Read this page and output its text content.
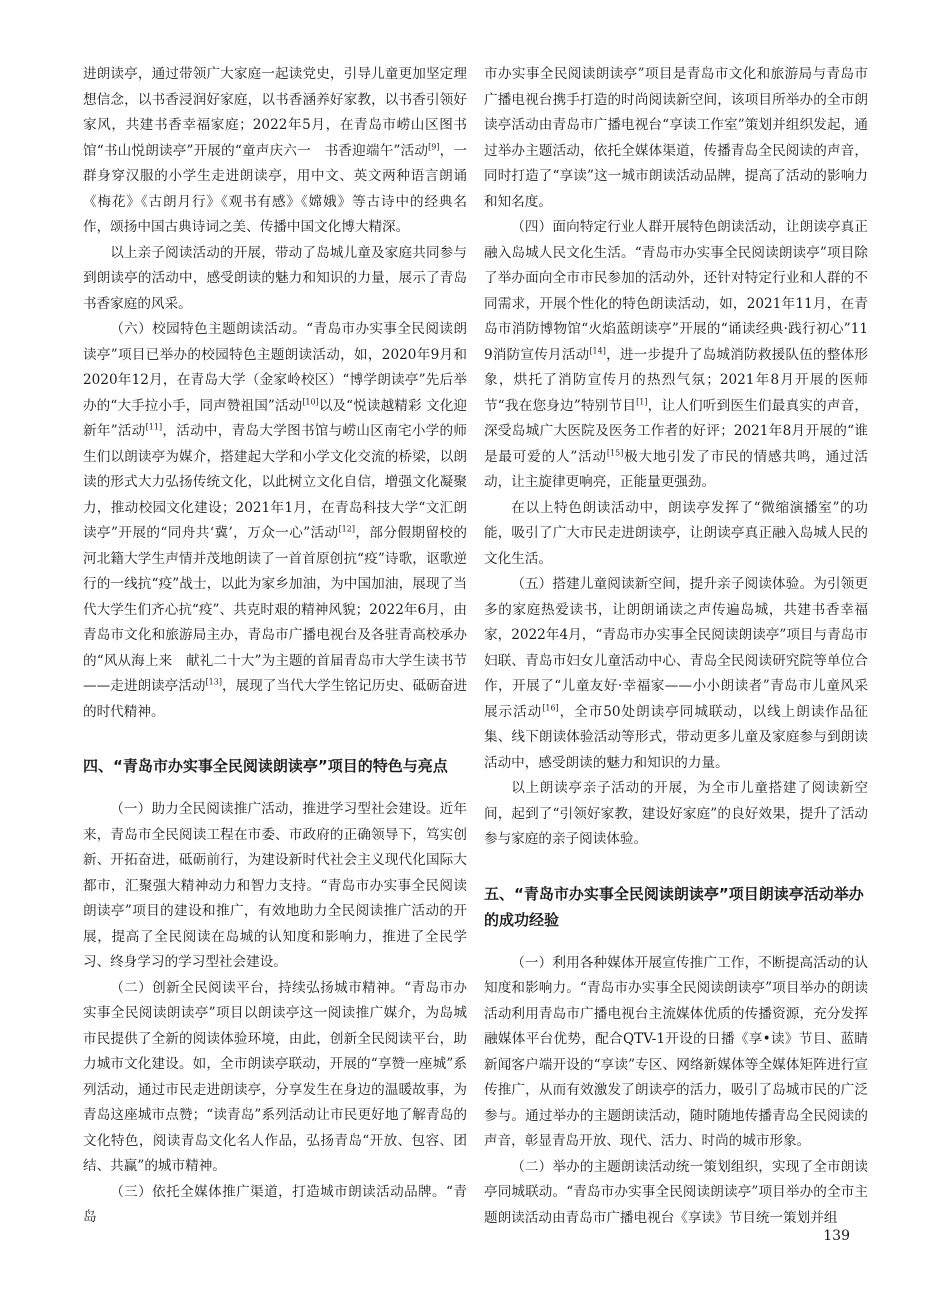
进朗读亭，通过带领广大家庭一起读党史，引导儿童更加坚定理想信念，以书香浸润好家庭，以书香涵养好家教，以书香引领好家风，共建书香幸福家庭；2022年5月，在青岛市崂山区图书馆“书山悦朗读亭”开展的“童声庆六一　书香迎端午”活动[9]，一群身穿汉服的小学生走进朗读亭，用中文、英文两种语言朗诵《梅花》《古朗月行》《观书有感》《嫦娥》等古诗中的经典名作，颂扬中国古典诗词之美、传播中国文化博大精深。

以上亲子阅读活动的开展，带动了岛城儿童及家庭共同参与到朗读亭的活动中，感受朗读的魅力和知识的力量，展示了青岛书香家庭的风采。

（六）校园特色主题朗读活动。“青岛市办实事全民阅读朗读亭”项目已举办的校园特色主题朗读活动，如，2020年9月和2020年12月，在青岛大学（金家岭校区）“博学朗读亭”先后举办的“大手拉小手，同声赞祖国”活动[10]以及“悦读越精彩 文化迎新年”活动[11]，活动中，青岛大学图书馆与崂山区南宅小学的师生们以朗读亭为媒介，搭建起大学和小学文化交流的桥梁，以朗读的形式大力弘扬传统文化，以此树立文化自信，增强文化凝聚力，推动校园文化建设；2021年1月，在青岛科技大学“文汇朗读亭”开展的“同舟共‘冀’，万众一心”活动[12]，部分假期留校的河北籍大学生声情并茂地朗读了一首首原创抗“疫”诗歌，讴歌逆行的一线抗“疫”战士，以此为家乡加油，为中国加油，展现了当代大学生们齐心抗“疫”、共克时艰的精神风貌；2022年6月，由青岛市文化和旅游局主办，青岛市广播电视台及各驻青高校承办的“风从海上来　献礼二十大”为主题的首届青岛市大学生读书节——走进朗读亭活动[13]，展现了当代大学生铭记历史、砥砺奋进的时代精神。

四、“青岛市办实事全民阅读朗读亭”项目的特色与亮点

（一）助力全民阅读推广活动，推进学习型社会建设。近年来，青岛市全民阅读工程在市委、市政府的正确领导下，笃实创新、开拓奋进，砥砺前行，为建设新时代社会主义现代化国际大都市，汇聚强大精神动力和智力支持。“青岛市办实事全民阅读朗读亭”项目的建设和推广，有效地助力全民阅读推广活动的开展，提高了全民阅读在岛城的认知度和影响力，推进了全民学习、终身学习的学习型社会建设。

（二）创新全民阅读平台，持续弘扬城市精神。“青岛市办实事全民阅读朗读亭”项目以朗读亭这一阅读推广媒介，为岛城市民提供了全新的阅读体验环境，由此，创新全民阅读平台，助力城市文化建设。如，全市朗读亭联动，开展的“享赞一座城”系列活动，通过市民走进朗读亭，分享发生在身边的温暖故事，为青岛这座城市点赞；“读青岛”系列活动让市民更好地了解青岛的文化特色，阅读青岛文化名人作品，弘扬青岛“开放、包容、团结、共赢”的城市精神。

（三）依托全媒体推广渠道，打造城市朗读活动品牌。“青岛

市办实事全民阅读朗读亭”项目是青岛市文化和旅游局与青岛市广播电视台携手打造的时尚阅读新空间，该项目所举办的全市朗读亭活动由青岛市广播电视台“享读工作室”策划并组织发起，通过举办主题活动，依托全媒体渠道，传播青岛全民阅读的声音，同时打造了“享读”这一城市朗读活动品牌，提高了活动的影响力和知名度。

（四）面向特定行业人群开展特色朗读活动，让朗读亭真正融入岛城人民文化生活。“青岛市办实事全民阅读朗读亭”项目除了举办面向全市市民参加的活动外，还针对特定行业和人群的不同需求，开展个性化的特色朗读活动，如，2021年11月，在青岛市消防博物馆“火焰蓝朗读亭”开展的“诵读经典·践行初心”119消防宣传月活动[14]，进一步提升了岛城消防救援队伍的整体形象，烘托了消防宣传月的热烈气氛；2021年8月开展的医师节“我在您身边”特别节目[1]，让人们听到医生们最真实的声音，深受岛城广大医院及医务工作者的好评；2021年8月开展的“谁是最可爱的人”活动[15]极大地引发了市民的情感共鸣，通过活动，让主旋律更响亮，正能量更强劲。

在以上特色朗读活动中，朗读亭发挥了“微缩演播室”的功能，吸引了广大市民走进朗读亭，让朗读亭真正融入岛城人民的文化生活。

（五）搭建儿童阅读新空间，提升亲子阅读体验。为引领更多的家庭热爱读书，让朗朗诵读之声传遍岛城，共建书香幸福家，2022年4月，“青岛市办实事全民阅读朗读亭”项目与青岛市妇联、青岛市妇女儿童活动中心、青岛全民阅读研究院等单位合作，开展了“儿童友好·幸福家——小小朗读者”青岛市儿童风采展示活动[16]，全市50处朗读亭同城联动，以线上朗读作品征集、线下朗读体验活动等形式，带动更多儿童及家庭参与到朗读活动中，感受朗读的魅力和知识的力量。

以上朗读亭亲子活动的开展，为全市儿童搭建了阅读新空间，起到了“引领好家教，建设好家庭”的良好效果，提升了活动参与家庭的亲子阅读体验。

五、“青岛市办实事全民阅读朗读亭”项目朗读亭活动举办的成功经验

（一）利用各种媒体开展宣传推广工作，不断提高活动的认知度和影响力。“青岛市办实事全民阅读朗读亭”项目举办的朗读活动利用青岛市广播电视台主流媒体优质的传播资源，充分发挥融媒体平台优势，配合QTV-1开设的日播《享•读》节目、蓝睛新闻客户端开设的“享读”专区、网络新媒体等全媒体矩阵进行宣传推广，从而有效激发了朗读亭的活力，吸引了岛城市民的广泛参与。通过举办的主题朗读活动，随时随地传播青岛全民阅读的声音，彰显青岛开放、现代、活力、时尚的城市形象。

（二）举办的主题朗读活动统一策划组织，实现了全市朗读亭同城联动。“青岛市办实事全民阅读朗读亭”项目举办的全市主题朗读活动由青岛市广播电视台《享读》节目统一策划并组

139
